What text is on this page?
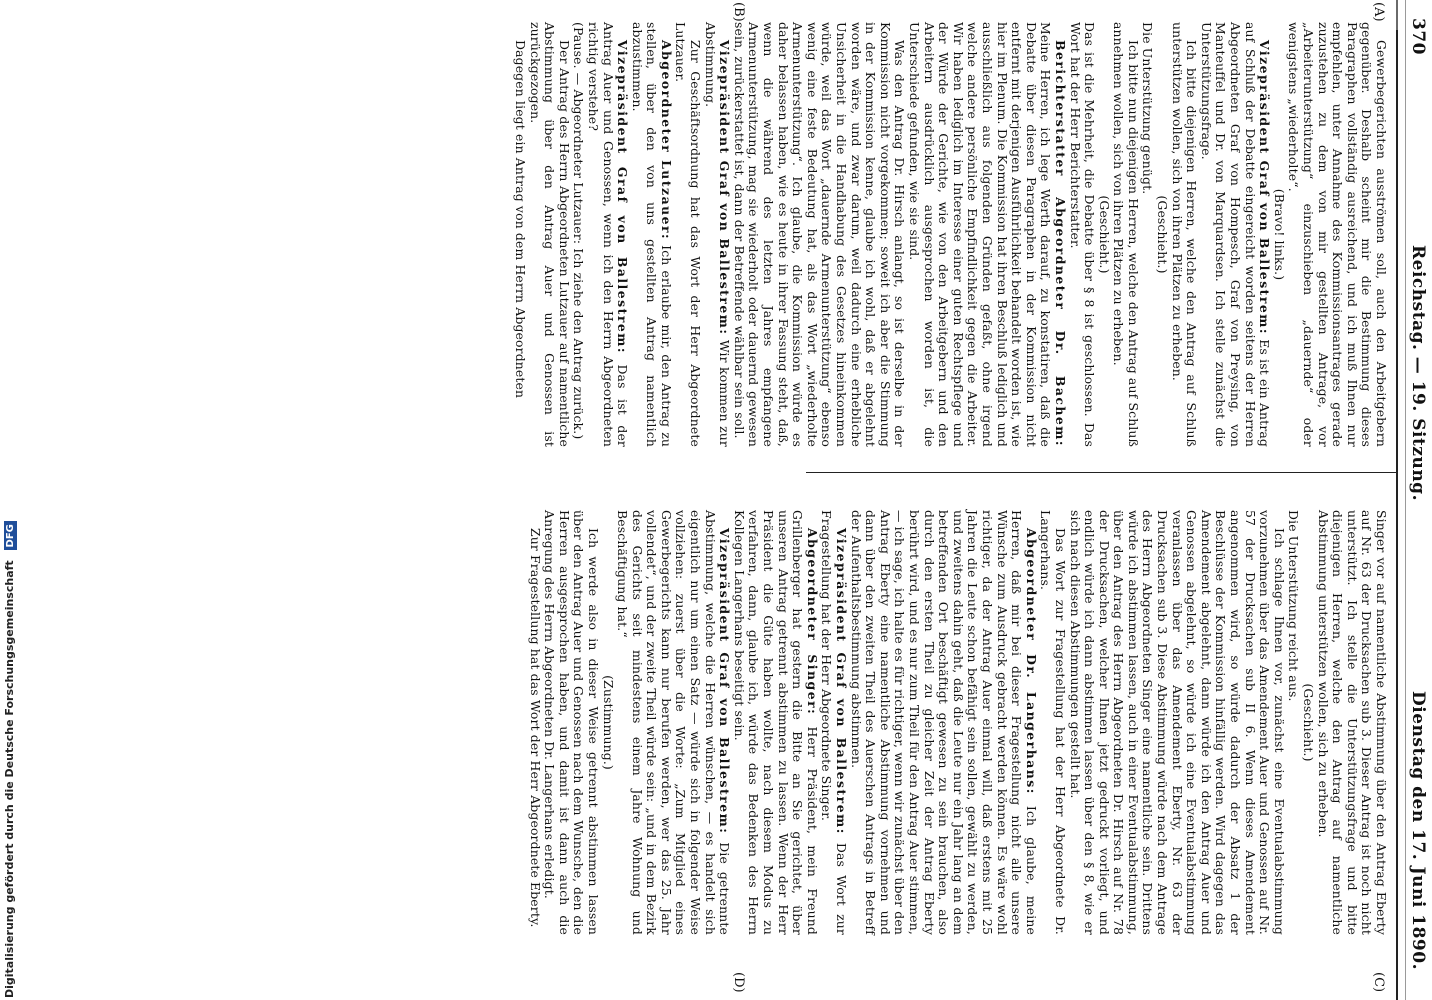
370
Reichstag. — 19. Sitzung.
Dienstag den 17. Juni 1890.
(A)
(B)
(C)
(D)

Gewerbegerichten ausströmen soll, auch den Arbeitgebern gegenüber. Deshalb scheint mir die Bestimmung dieses Paragraphen vollständig ausreichend, und ich muß Ihnen nur empfehlen, unter Annahme des Kommissionsantrages gerade zuzustehen zu dem von mir gestellten Antrage, vor „Arbeiterunterstützung“ einzuschieben „dauernde“ oder wenigstens „wiederholte“.

(Bravo! links.)

Vizepräsident Graf von Ballestrem: Es ist ein Antrag auf Schluß der Debatte eingereicht worden seitens der Herren Abgeordneten Graf von Hompesch, Graf von Preysing, von Manteuffel und Dr. von Marquardsen. Ich stelle zunächst die Unterstützungsfrage.

Ich bitte diejenigen Herren, welche den Antrag auf Schluß unterstützen wollen, sich von ihren Plätzen zu erheben.

(Geschieht.)

Die Unterstützung genügt.

Ich bitte nun diejenigen Herren, welche den Antrag auf Schluß annehmen wollen, sich von ihren Plätzen zu erheben.

(Geschieht.)

Das ist die Mehrheit, die Debatte über § 8 ist geschlossen. Das Wort hat der Herr Berichterstatter.

Berichterstatter Abgeordneter Dr. Bachem: Meine Herren, ich lege Werth darauf, zu konstatiren, daß die Debatte über diesen Paragraphen in der Kommission nicht entfernt mit derjenigen Ausführlichkeit behandelt worden ist, wie hier im Plenum. Die Kommission hat ihren Beschluß lediglich und ausschließlich aus folgenden Gründen gefaßt, ohne irgend welche andere persönliche Empfindlichkeit gegen die Arbeiter. Wir haben lediglich im Interesse einer guten Rechtspflege und der Würde der Gerichte, wie von den Arbeitgebern und den Arbeitern ausdrücklich ausgesprochen worden ist, die Unterschiede gefunden, wie sie sind.

Was den Antrag Dr. Hirsch anlangt, so ist derselbe in der Kommission nicht vorgekommen; soweit ich aber die Stimmung in der Kommission kenne, glaube ich wohl, daß er abgelehnt worden wäre, und zwar darum, weil dadurch eine erhebliche Unsicherheit in die Handhabung des Gesetzes hineinkommen würde, weil das Wort „dauernde Armenunterstützung“ ebenso wenig eine feste Bedeutung hat, als das Wort „wiederholte Armenunterstützung“. Ich glaube, die Kommission würde es daher belassen haben, wie es heute in ihrer Fassung steht, daß, wenn die während des letzten Jahres empfangene Armenunterstützung, mag sie wiederholt oder dauernd gewesen sein, zurückerstattet ist, dann der Betreffende wählbar sein soll.

Vizepräsident Graf von Ballestrem: Wir kommen zur Abstimmung.

Zur Geschäftsordnung hat das Wort der Herr Abgeordnete Lutzauer.

Abgeordneter Lutzauer: Ich erlaube mir, den Antrag zu stellen, über den von uns gestellten Antrag namentlich abzustimmen.

Vizepräsident Graf von Ballestrem: Das ist der Antrag Auer und Genossen, wenn ich den Herrn Abgeordneten richtig verstehe?

(Pause. — Abgeordneter Lutzauer: Ich ziehe den Antrag zurück.)

Der Antrag des Herrn Abgeordneten Lutzauer auf namentliche Abstimmung über den Antrag Auer und Genossen ist zurückgezogen.

Dagegen liegt ein Antrag von dem Herrn Abgeordneten

Singer vor auf namentliche Abstimmung über den Antrag Eberty auf Nr. 63 der Drucksachen sub 3. Dieser Antrag ist noch nicht unterstützt. Ich stelle die Unterstützungsfrage und bitte diejenigen Herren, welche den Antrag auf namentliche Abstimmung unterstützen wollen, sich zu erheben.

(Geschieht.)

Die Unterstützung reicht aus.

Ich schlage Ihnen vor, zunächst eine Eventualabstimmung vorzunehmen über das Amendement Auer und Genossen auf Nr. 57 der Drucksachen sub II 6. Wenn dieses Amendement angenommen wird, so würde dadurch der Absatz 1 der Beschlüsse der Kommission hinfällig werden. Wird dagegen das Amendement abgelehnt, dann würde ich den Antrag Auer und Genossen abgelehnt, so würde ich eine Eventualabstimmung veranlassen über das Amendement Eberty, Nr. 63 der Drucksachen sub 3. Diese Abstimmung würde nach dem Antrage des Herrn Abgeordneten Singer eine namentliche sein. Drittens würde ich abstimmen lassen, auch in einer Eventualabstimmung, über den Antrag des Herrn Abgeordneten Dr. Hirsch auf Nr. 78 der Drucksachen, welcher Ihnen jetzt gedruckt vorliegt, und endlich würde ich dann abstimmen lassen über den § 8, wie er sich nach diesen Abstimmungen gestellt hat.

Das Wort zur Fragestellung hat der Herr Abgeordnete Dr. Langerhans.

Abgeordneter Dr. Langerhans: Ich glaube, meine Herren, daß mir bei dieser Fragestellung nicht alle unsere Wünsche zum Ausdruck gebracht werden können. Es wäre wohl richtiger, da der Antrag Auer einmal will, daß erstens mit 25 Jahren die Leute schon befähigt sein sollen, gewählt zu werden, und zweitens dahin geht, daß die Leute nur ein Jahr lang an dem betreffenden Ort beschäftigt gewesen zu sein brauchen, also durch den ersten Theil zu gleicher Zeit der Antrag Eberty berührt wird, und es nur zum Theil für den Antrag Auer stimmen, — ich sage, ich halte es für richtiger, wenn wir zunächst über den Antrag Eberty eine namentliche Abstimmung vornehmen und dann über den zweiten Theil des Auerschen Antrags in Betreff der Aufenthaltsbestimmung abstimmen.

Vizepräsident Graf von Ballestrem: Das Wort zur Fragestellung hat der Herr Abgeordnete Singer.

Abgeordneter Singer: Herr Präsident, mein Freund Grillenberger hat gestern die Bitte an Sie gerichtet, über unseren Antrag getrennt abstimmen zu lassen. Wenn der Herr Präsident die Güte haben wollte, nach diesem Modus zu verfahren, dann, glaube ich, würde das Bedenken des Herrn Kollegen Langerhans beseitigt sein.

Vizepräsident Graf von Ballestrem: Die getrennte Abstimmung, welche die Herren wünschen, — es handelt sich eigentlich nur um einen Satz — würde sich in folgender Weise vollziehen: zuerst über die Worte: „Zum Mitglied eines Gewerbegerichts kann nur berufen werden, wer das 25. Jahr vollendet“, und der zweite Theil würde sein: „und in dem Bezirk des Gerichts seit mindestens einem Jahre Wohnung und Beschäftigung hat.“

(Zustimmung.)

Ich werde also in dieser Weise getrennt abstimmen lassen über den Antrag Auer und Genossen nach dem Wunsche, den die Herren ausgesprochen haben, und damit ist dann auch die Anregung des Herrn Abgeordneten Dr. Langerhans erledigt.

Zur Fragestellung hat das Wort der Herr Abgeordnete Eberty.

Digitalisierung gefördert durch die Deutsche Forschungsgemeinschaft DFG
